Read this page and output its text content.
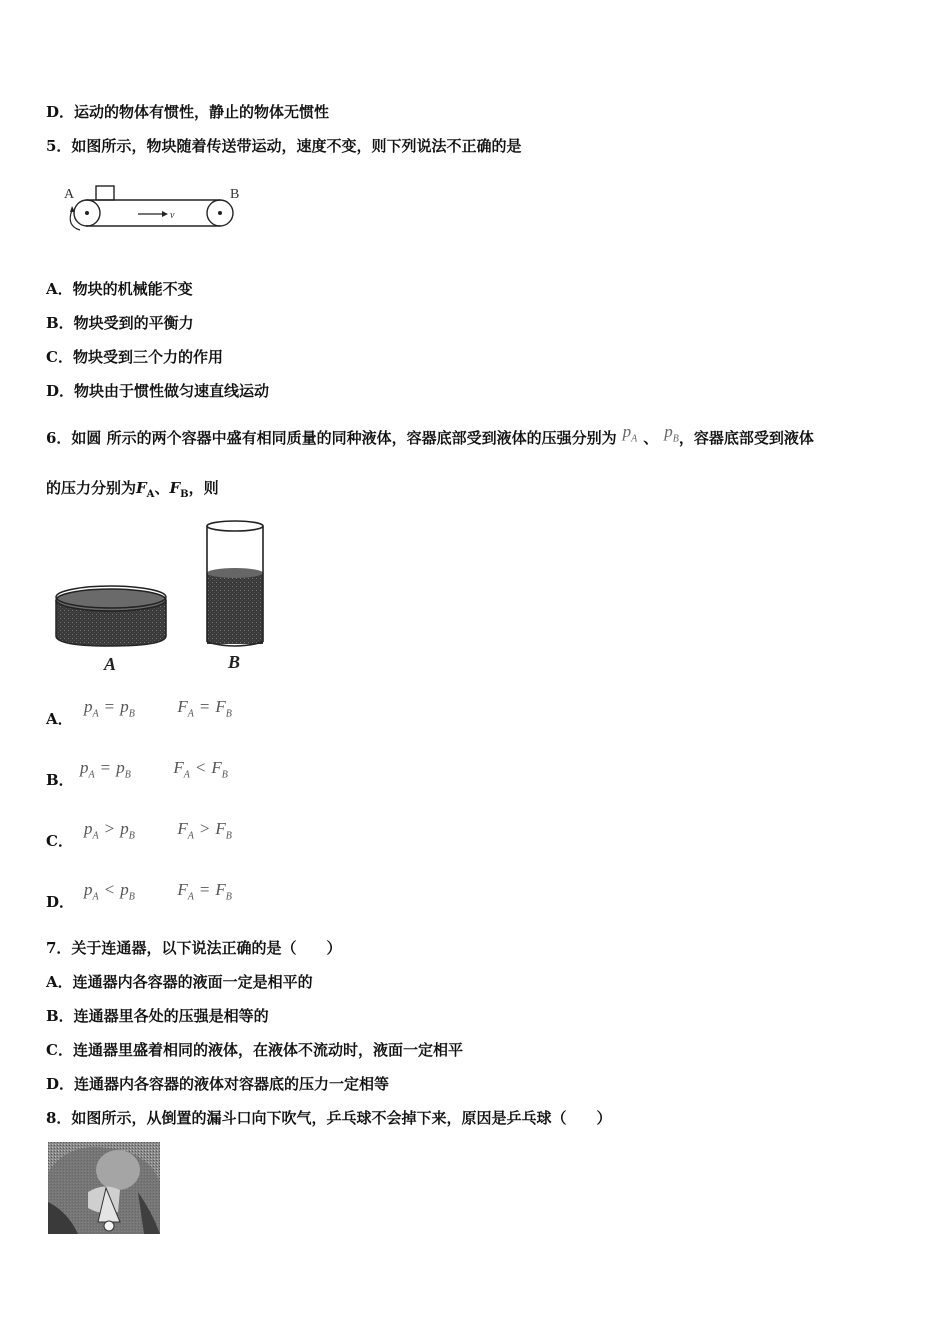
D．运动的物体有惯性，静止的物体无惯性
5．如图所示，物块随着传送带运动，速度不变，则下列说法不正确的是
A	B
v
A．物块的机械能不变
B．物块受到的平衡力
C．物块受到三个力的作用
D．物块由于惯性做匀速直线运动
6．如圆 所示的两个容器中盛有相同质量的同种液体，容器底部受到液体的压强分别为 $p_A$ 、 $p_B$，容器底部受到液体
的压力分别为$F_A$、$F_B$，则
A	B
A．
$p_A = p_B$	$F_A = F_B$
B．
$p_A = p_B$	$F_A < F_B$
C．
$p_A > p_B$	$F_A > F_B$
D．
$p_A < p_B$	$F_A = F_B$
7．关于连通器，以下说法正确的是（　　）
A．连通器内各容器的液面一定是相平的
B．连通器里各处的压强是相等的
C．连通器里盛着相同的液体，在液体不流动时，液面一定相平
D．连通器内各容器的液体对容器底的压力一定相等
8．如图所示，从倒置的漏斗口向下吹气，乒乓球不会掉下来，原因是乒乓球（　　）
